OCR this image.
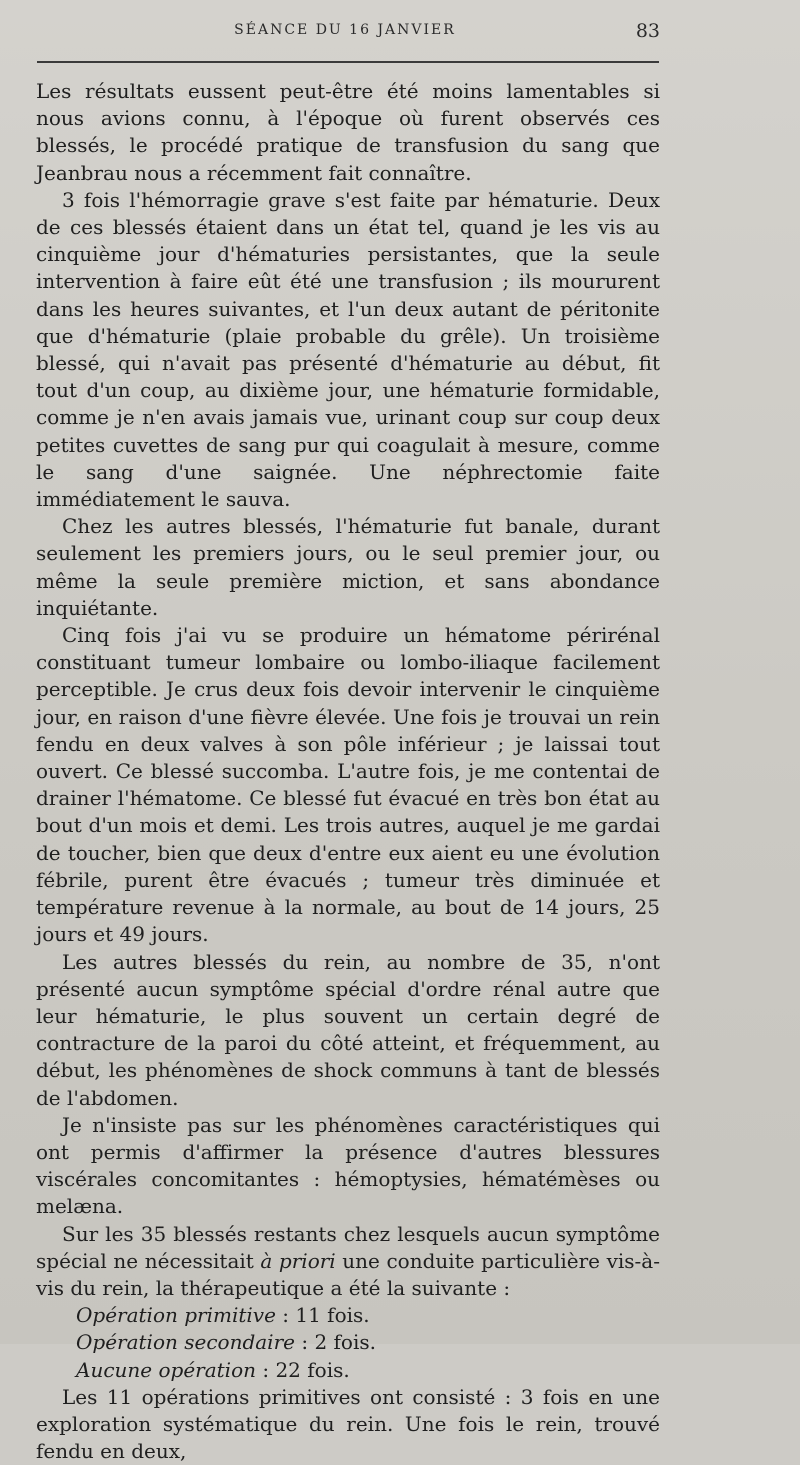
SÉANCE DU 16 JANVIER	83

Les résultats eussent peut-être été moins lamentables si nous avions connu, à l'époque où furent observés ces blessés, le procédé pratique de transfusion du sang que Jeanbrau nous a récemment fait connaître.

3 fois l'hémorragie grave s'est faite par hématurie. Deux de ces blessés étaient dans un état tel, quand je les vis au cinquième jour d'hématuries persistantes, que la seule intervention à faire eût été une transfusion ; ils moururent dans les heures suivantes, et l'un deux autant de péritonite que d'hématurie (plaie probable du grêle). Un troisième blessé, qui n'avait pas présenté d'hématurie au début, fit tout d'un coup, au dixième jour, une hématurie formidable, comme je n'en avais jamais vue, urinant coup sur coup deux petites cuvettes de sang pur qui coagulait à mesure, comme le sang d'une saignée. Une néphrectomie faite immédiatement le sauva.

Chez les autres blessés, l'hématurie fut banale, durant seulement les premiers jours, ou le seul premier jour, ou même la seule première miction, et sans abondance inquiétante.

Cinq fois j'ai vu se produire un hématome périrénal constituant tumeur lombaire ou lombo-iliaque facilement perceptible. Je crus deux fois devoir intervenir le cinquième jour, en raison d'une fièvre élevée. Une fois je trouvai un rein fendu en deux valves à son pôle inférieur ; je laissai tout ouvert. Ce blessé succomba. L'autre fois, je me contentai de drainer l'hématome. Ce blessé fut évacué en très bon état au bout d'un mois et demi. Les trois autres, auquel je me gardai de toucher, bien que deux d'entre eux aient eu une évolution fébrile, purent être évacués ; tumeur très diminuée et température revenue à la normale, au bout de 14 jours, 25 jours et 49 jours.

Les autres blessés du rein, au nombre de 35, n'ont présenté aucun symptôme spécial d'ordre rénal autre que leur hématurie, le plus souvent un certain degré de contracture de la paroi du côté atteint, et fréquemment, au début, les phénomènes de shock communs à tant de blessés de l'abdomen.

Je n'insiste pas sur les phénomènes caractéristiques qui ont permis d'affirmer la présence d'autres blessures viscérales concomitantes : hémoptysies, hématémèses ou melæna.

Sur les 35 blessés restants chez lesquels aucun symptôme spécial ne nécessitait à priori une conduite particulière vis-à-vis du rein, la thérapeutique a été la suivante :

Opération primitive : 11 fois.

Opération secondaire : 2 fois.

Aucune opération : 22 fois.

Les 11 opérations primitives ont consisté : 3 fois en une exploration systématique du rein. Une fois le rein, trouvé fendu en deux,
